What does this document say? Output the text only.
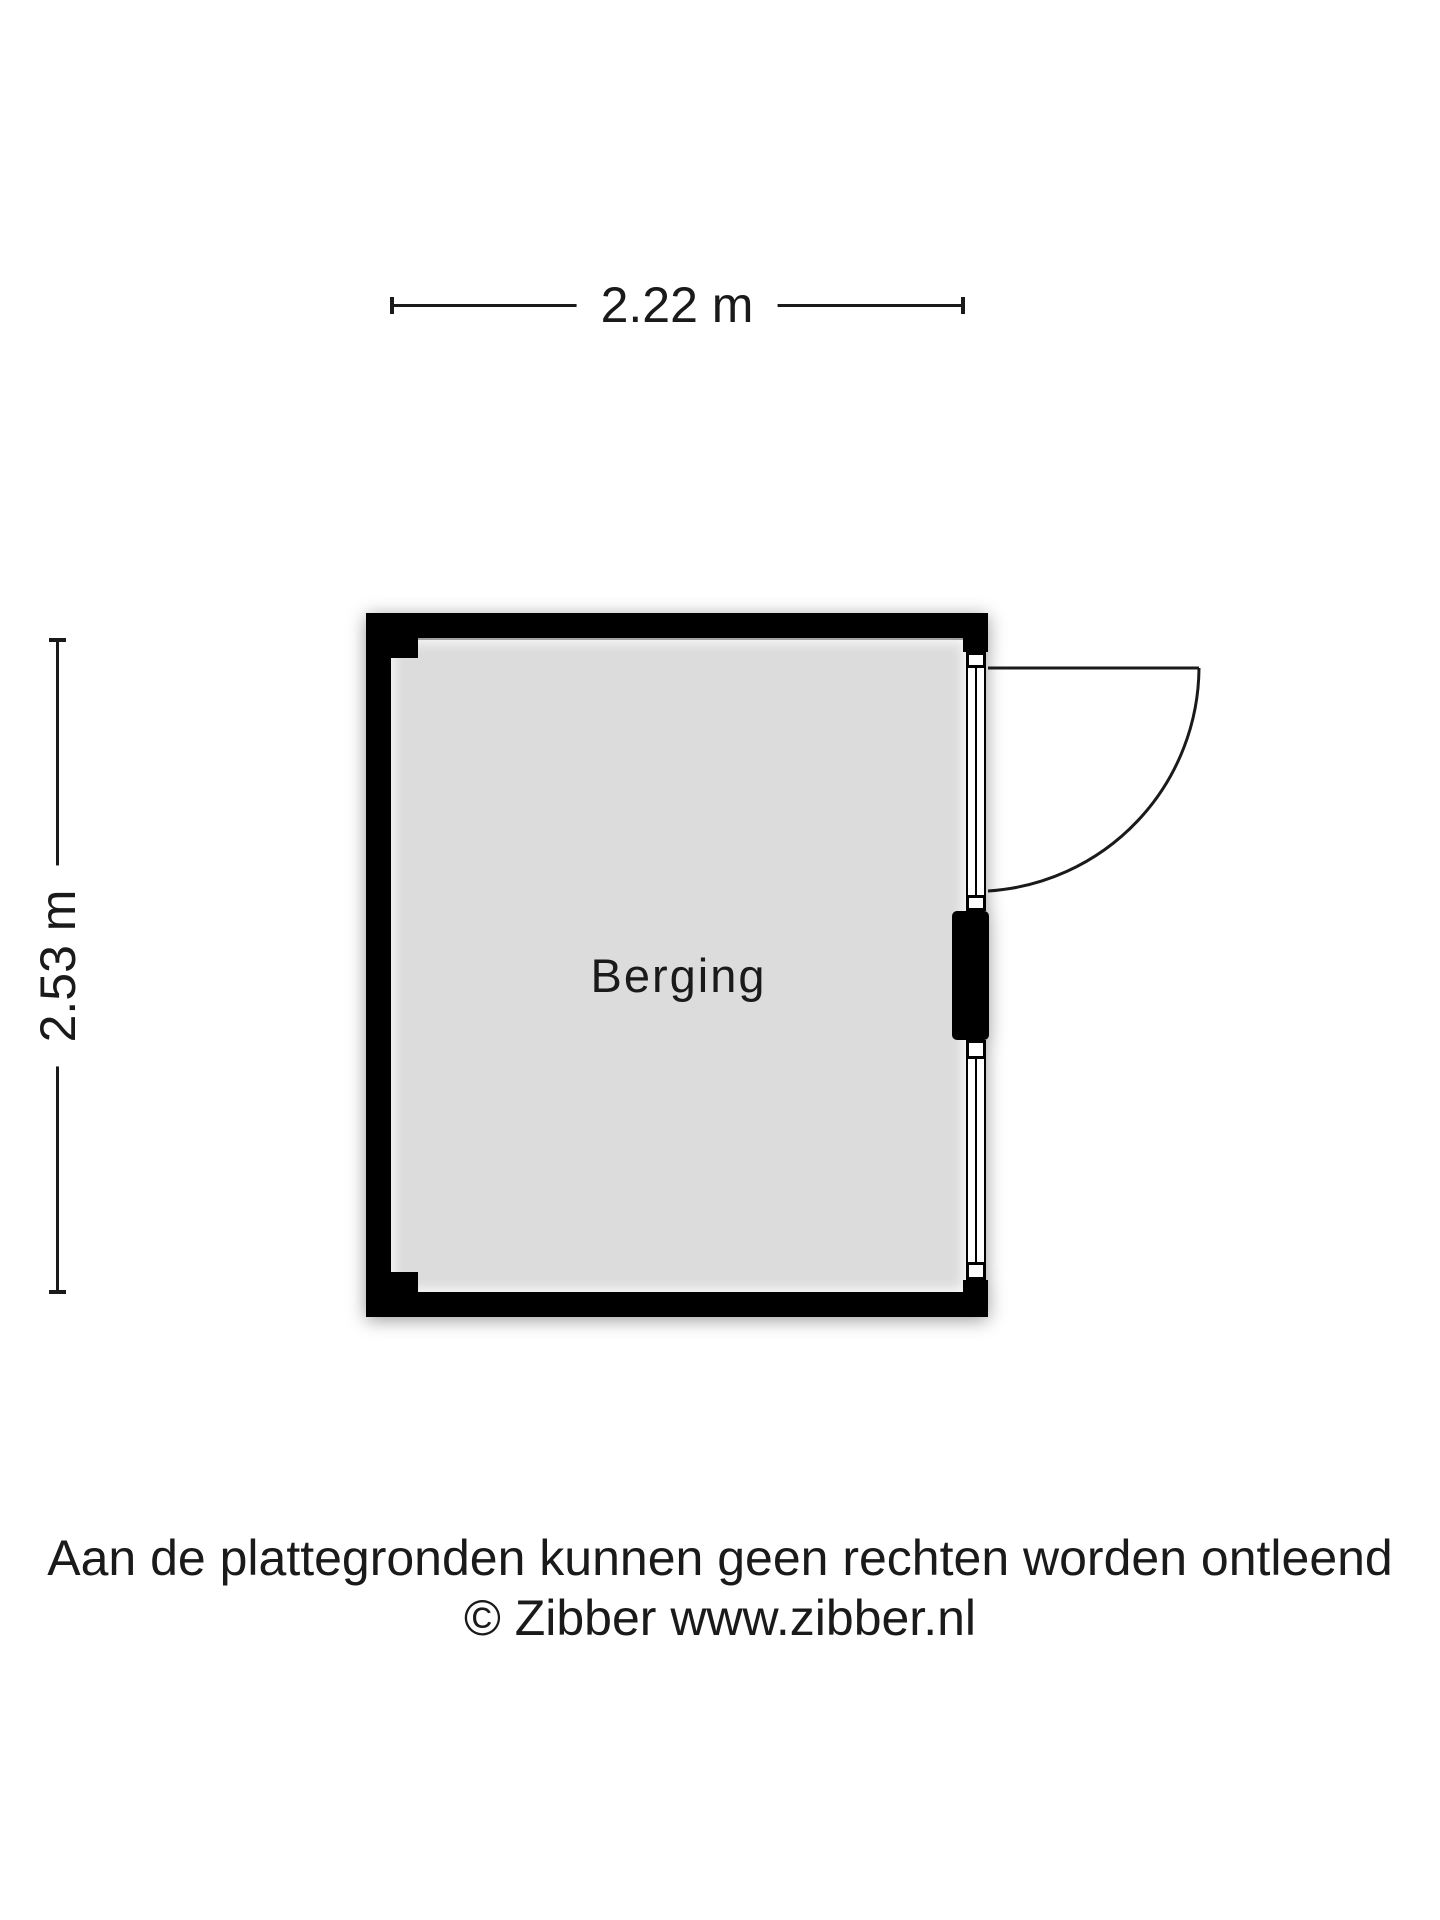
2.22 m
2.53 m	Berging
Aan de plattegronden kunnen geen rechten worden ontleend
© Zibber www.zibber.nl
